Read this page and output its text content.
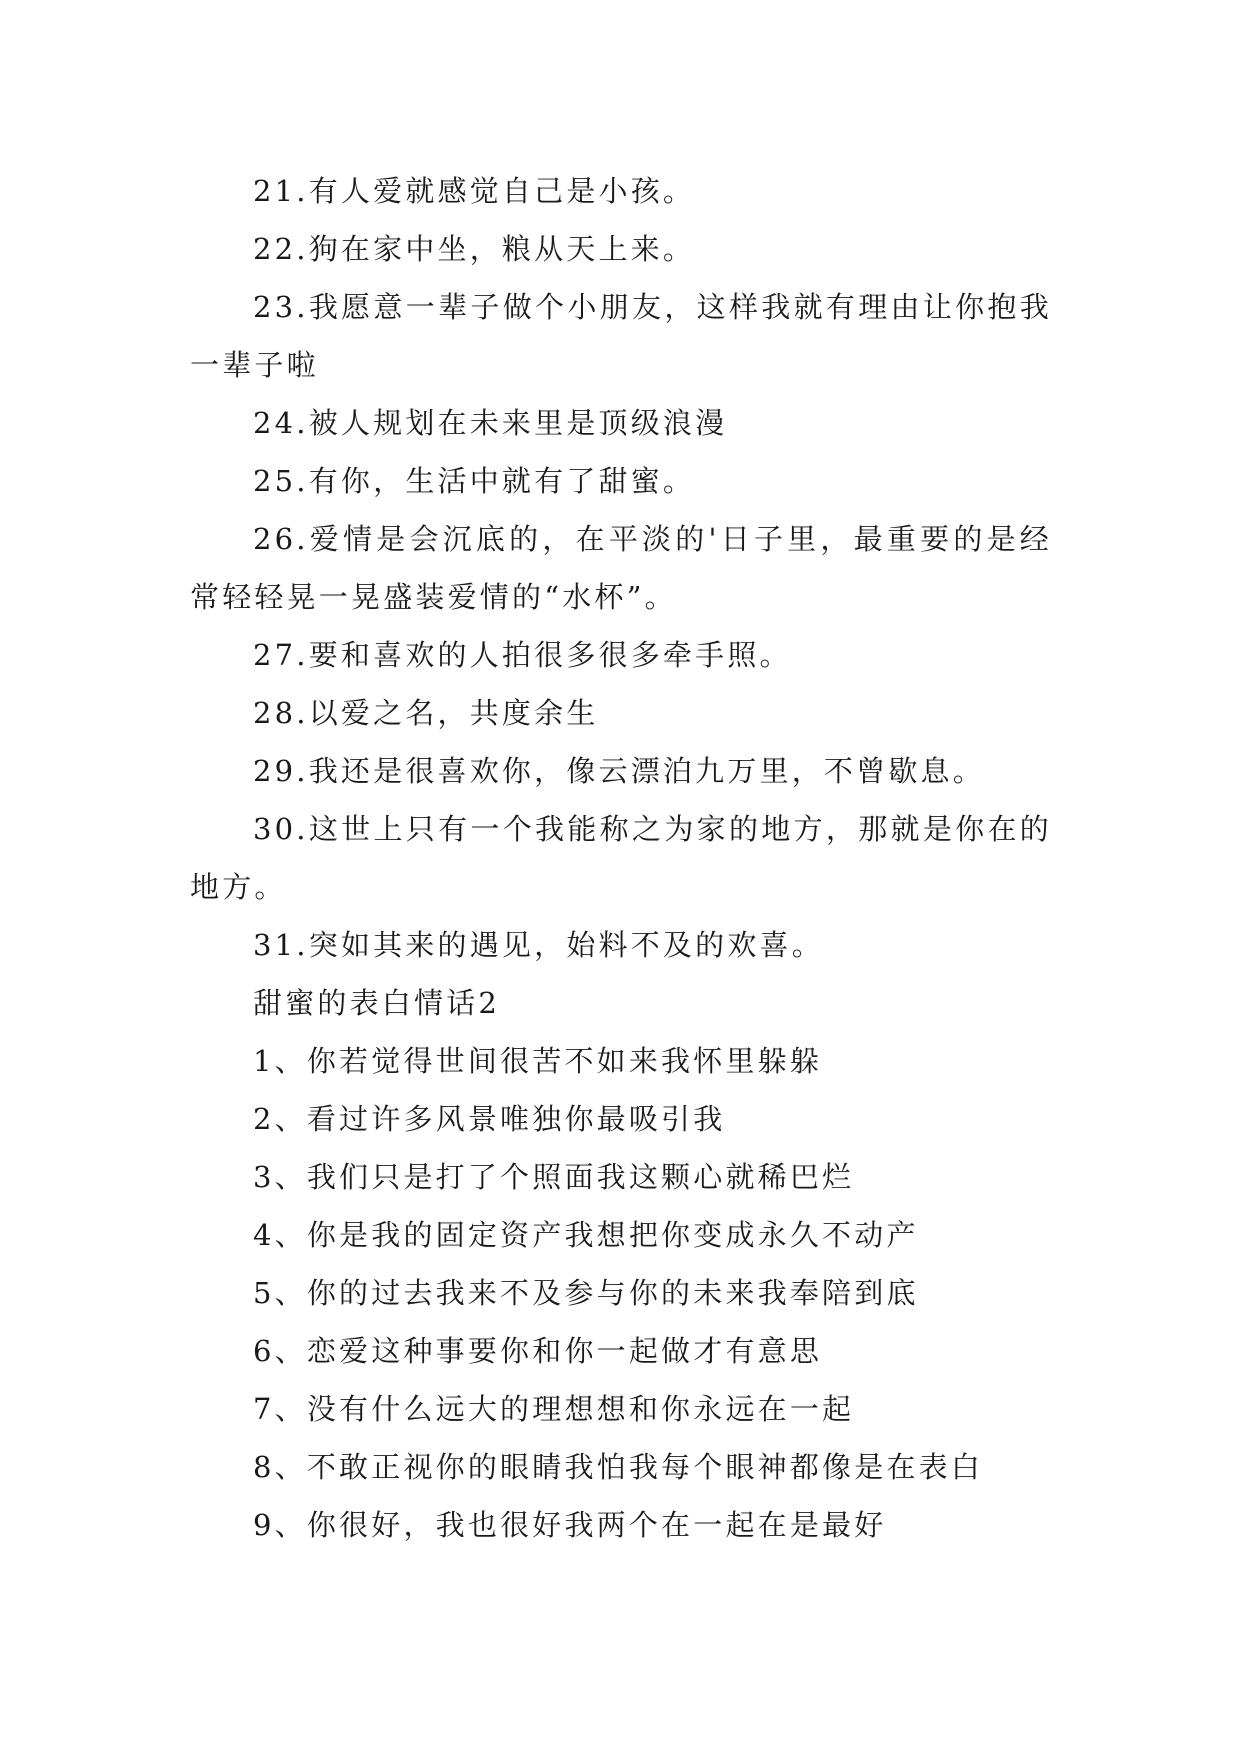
21.有人爱就感觉自己是小孩。

22.狗在家中坐，粮从天上来。

23.我愿意一辈子做个小朋友，这样我就有理由让你抱我一辈子啦

24.被人规划在未来里是顶级浪漫

25.有你，生活中就有了甜蜜。

26.爱情是会沉底的，在平淡的'日子里，最重要的是经常轻轻晃一晃盛装爱情的“水杯”。

27.要和喜欢的人拍很多很多牵手照。

28.以爱之名，共度余生

29.我还是很喜欢你，像云漂泊九万里，不曾歇息。

30.这世上只有一个我能称之为家的地方，那就是你在的地方。

31.突如其来的遇见，始料不及的欢喜。

甜蜜的表白情话2

1、你若觉得世间很苦不如来我怀里躲躲

2、看过许多风景唯独你最吸引我

3、我们只是打了个照面我这颗心就稀巴烂

4、你是我的固定资产我想把你变成永久不动产

5、你的过去我来不及参与你的未来我奉陪到底

6、恋爱这种事要你和你一起做才有意思

7、没有什么远大的理想想和你永远在一起

8、不敢正视你的眼睛我怕我每个眼神都像是在表白

9、你很好，我也很好我两个在一起在是最好
